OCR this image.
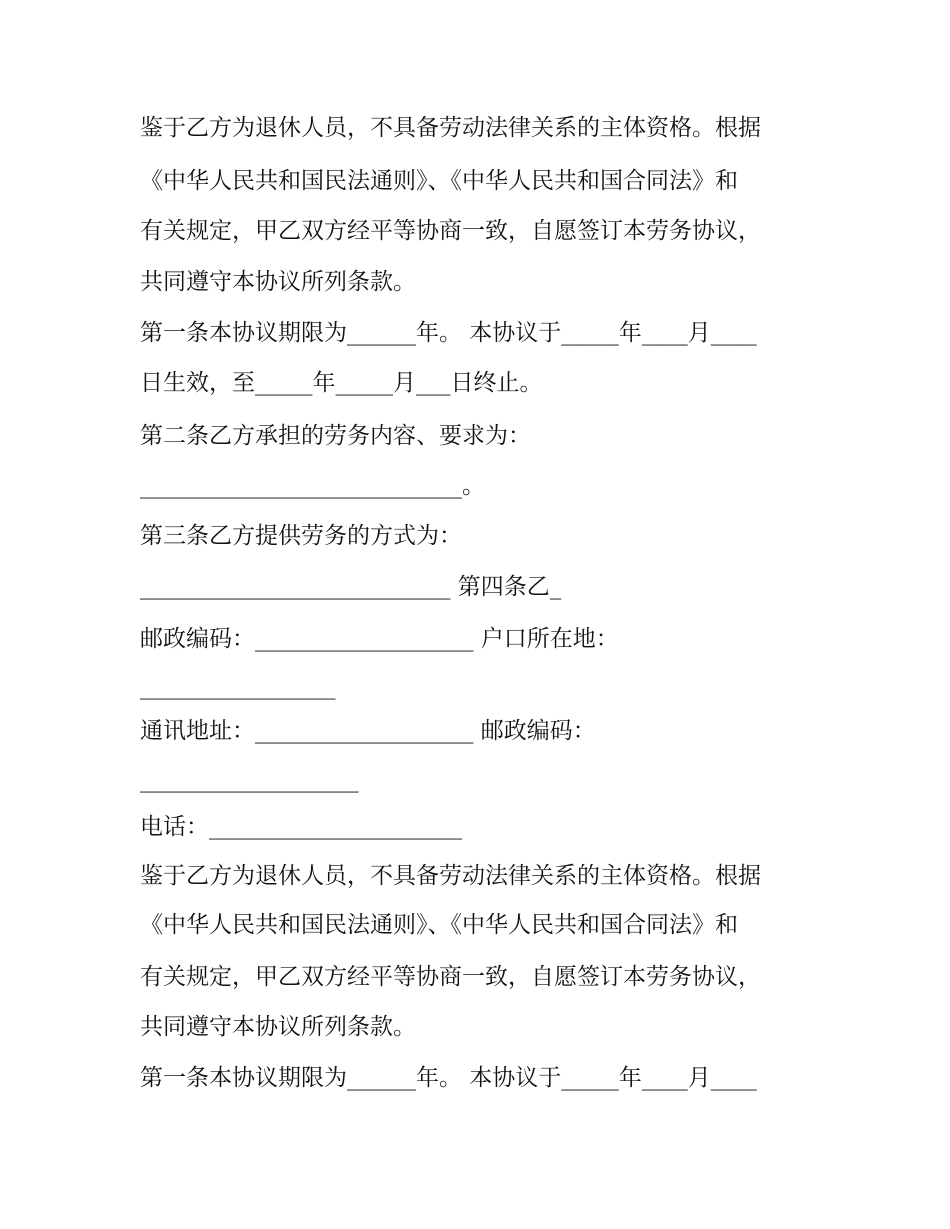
鉴于乙方为退休人员，不具备劳动法律关系的主体资格。根据
《中华人民共和国民法通则》、《中华人民共和国合同法》和
有关规定，甲乙双方经平等协商一致，自愿签订本劳务协议，
共同遵守本协议所列条款。
第一条本协议期限为______年。 本协议于_____年____月____
日生效，至_____年_____月___日终止。
第二条乙方承担的劳务内容、要求为：
____________________________。
第三条乙方提供劳务的方式为：
___________________________ 第四条乙_
邮政编码：___________________ 户口所在地：
_________________
通讯地址：___________________ 邮政编码：
___________________
电话：______________________
鉴于乙方为退休人员，不具备劳动法律关系的主体资格。根据
《中华人民共和国民法通则》、《中华人民共和国合同法》和
有关规定，甲乙双方经平等协商一致，自愿签订本劳务协议，
共同遵守本协议所列条款。
第一条本协议期限为______年。 本协议于_____年____月____
